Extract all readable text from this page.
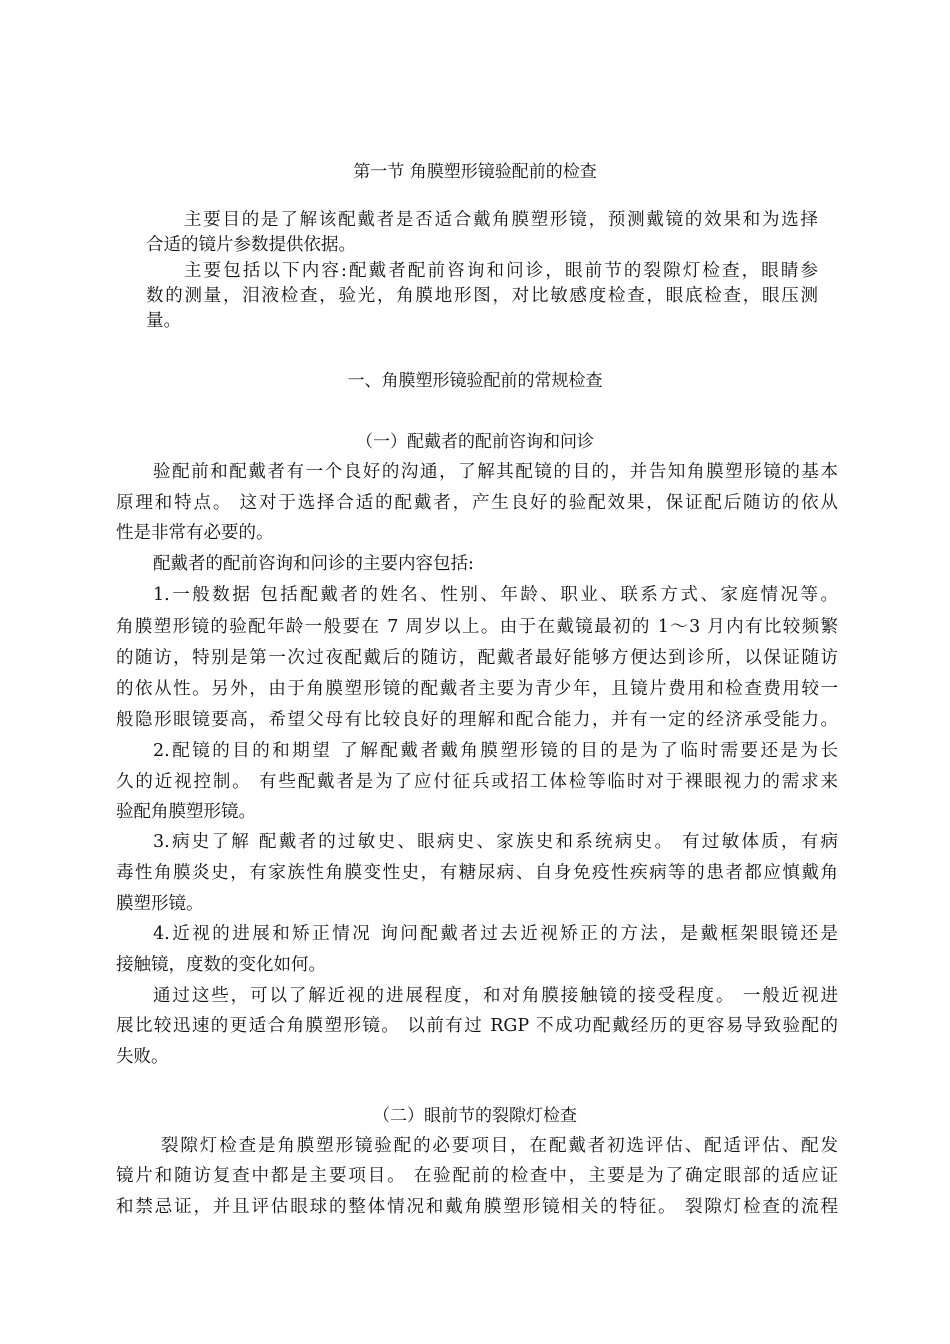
第一节 角膜塑形镜验配前的检查
主要目的是了解该配戴者是否适合戴角膜塑形镜，预测戴镜的效果和为选择
合适的镜片参数提供依据。
主要包括以下内容:配戴者配前咨询和问诊，眼前节的裂隙灯检查，眼睛参
数的测量，泪液检查，验光，角膜地形图，对比敏感度检查，眼底检查，眼压测
量。
一、角膜塑形镜验配前的常规检查
（一）配戴者的配前咨询和问诊
验配前和配戴者有一个良好的沟通，了解其配镜的目的，并告知角膜塑形镜的基本
原理和特点。 这对于选择合适的配戴者，产生良好的验配效果，保证配后随访的依从
性是非常有必要的。
配戴者的配前咨询和问诊的主要内容包括:
1.一般数据 包括配戴者的姓名、性别、年龄、职业、联系方式、家庭情况等。
角膜塑形镜的验配年龄一般要在 7 周岁以上。由于在戴镜最初的 1～3 月内有比较频繁
的随访，特别是第一次过夜配戴后的随访，配戴者最好能够方便达到诊所，以保证随访
的依从性。另外，由于角膜塑形镜的配戴者主要为青少年，且镜片费用和检查费用较一
般隐形眼镜要高，希望父母有比较良好的理解和配合能力，并有一定的经济承受能力。
2.配镜的目的和期望 了解配戴者戴角膜塑形镜的目的是为了临时需要还是为长
久的近视控制。 有些配戴者是为了应付征兵或招工体检等临时对于裸眼视力的需求来
验配角膜塑形镜。
3.病史了解 配戴者的过敏史、眼病史、家族史和系统病史。 有过敏体质，有病
毒性角膜炎史，有家族性角膜变性史，有糖尿病、自身免疫性疾病等的患者都应慎戴角
膜塑形镜。
4.近视的进展和矫正情况 询问配戴者过去近视矫正的方法，是戴框架眼镜还是
接触镜，度数的变化如何。
通过这些，可以了解近视的进展程度，和对角膜接触镜的接受程度。 一般近视进
展比较迅速的更适合角膜塑形镜。 以前有过 RGP 不成功配戴经历的更容易导致验配的
失败。
（二）眼前节的裂隙灯检查
裂隙灯检查是角膜塑形镜验配的必要项目，在配戴者初选评估、配适评估、配发
镜片和随访复查中都是主要项目。 在验配前的检查中，主要是为了确定眼部的适应证
和禁忌证，并且评估眼球的整体情况和戴角膜塑形镜相关的特征。 裂隙灯检查的流程
